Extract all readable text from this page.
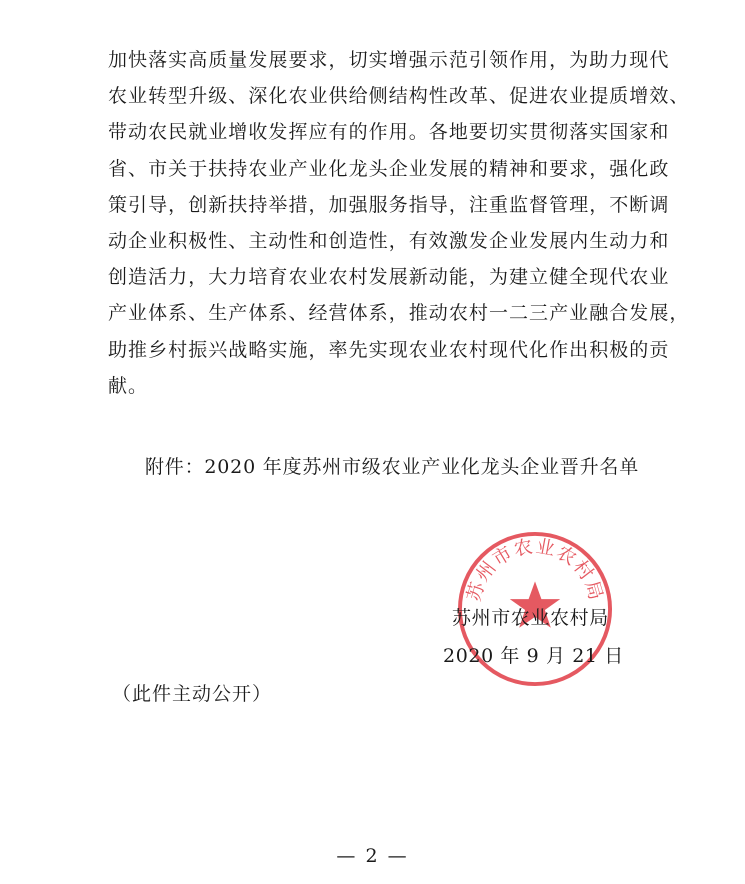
加快落实高质量发展要求，切实增强示范引领作用，为助力现代
农业转型升级、深化农业供给侧结构性改革、促进农业提质增效、
带动农民就业增收发挥应有的作用。各地要切实贯彻落实国家和
省、市关于扶持农业产业化龙头企业发展的精神和要求，强化政
策引导，创新扶持举措，加强服务指导，注重监督管理，不断调
动企业积极性、主动性和创造性，有效激发企业发展内生动力和
创造活力，大力培育农业农村发展新动能，为建立健全现代农业
产业体系、生产体系、经营体系，推动农村一二三产业融合发展，
助推乡村振兴战略实施，率先实现农业农村现代化作出积极的贡
献。
附件：2020 年度苏州市级农业产业化龙头企业晋升名单
苏州市农业农村局
苏州市农业农村局
2020 年 9 月 21 日
（此件主动公开）
— 2 —
